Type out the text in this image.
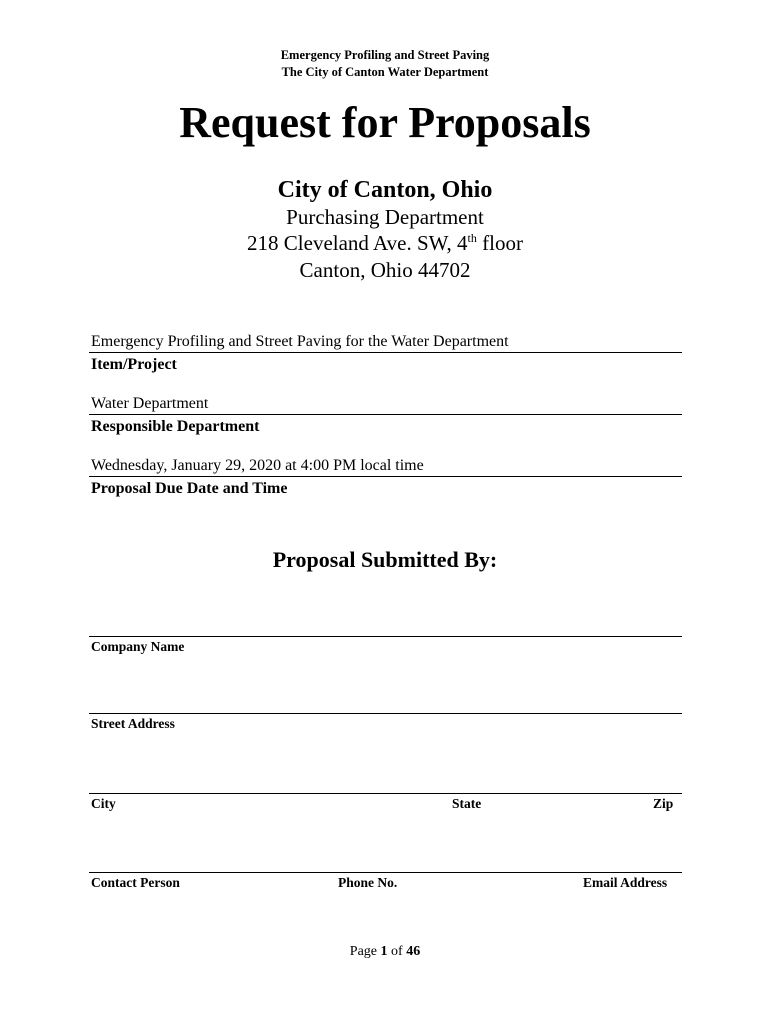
Emergency Profiling and Street Paving
The City of Canton Water Department
Request for Proposals
City of Canton, Ohio
Purchasing Department
218 Cleveland Ave. SW, 4th floor
Canton, Ohio 44702
Emergency Profiling and Street Paving for the Water Department
Item/Project
Water Department
Responsible Department
Wednesday, January 29, 2020 at 4:00 PM local time
Proposal Due Date and Time
Proposal Submitted By:
Company Name
Street Address
City	State	Zip
Contact Person	Phone No.	Email Address
Page 1 of 46
